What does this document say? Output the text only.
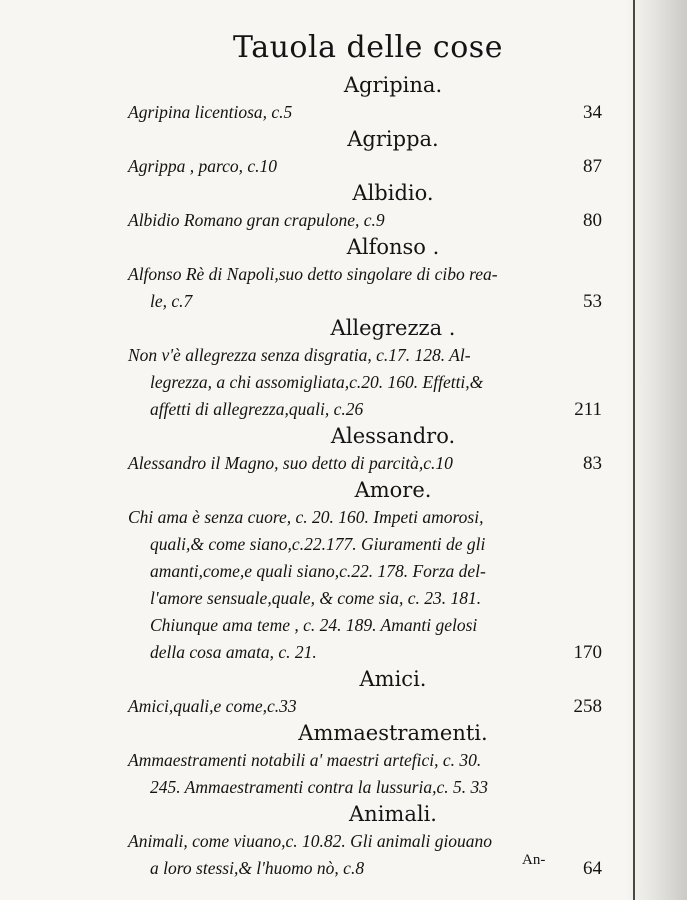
Tauola delle cose
Agripina.
Agripina licentiosa, c.5	34
Agrippa.
Agrippa , parco, c.10	87
Albidio.
Albidio Romano gran crapulone, c.9	80
Alfonso .
Alfonso Rè di Napoli,suo detto singolare di cibo rea-
le, c.7	53
Allegrezza .
Non v'è allegrezza senza disgratia, c.17. 128. Al-
legrezza, a chi assomigliata,c.20. 160. Effetti,&
affetti di allegrezza,quali, c.26	211
Alessandro.
Alessandro il Magno, suo detto di parcità,c.10	83
Amore.
Chi ama è senza cuore, c. 20. 160. Impeti amorosi,
quali,& come siano,c.22.177. Giuramenti de gli
amanti,come,e quali siano,c.22. 178. Forza del-
l'amore sensuale,quale, & come sia, c. 23. 181.
Chiunque ama teme , c. 24. 189. Amanti gelosi
della cosa amata, c. 21.	170
Amici.
Amici,quali,e come,c.33	258
Ammaestramenti.
Ammaestramenti notabili a' maestri artefici, c. 30.
245. Ammaestramenti contra la lussuria,c. 5. 33
Animali.
Animali, come viuano,c. 10.82. Gli animali giouano
a loro stessi,& l'huomo nò, c.8	64
An-
